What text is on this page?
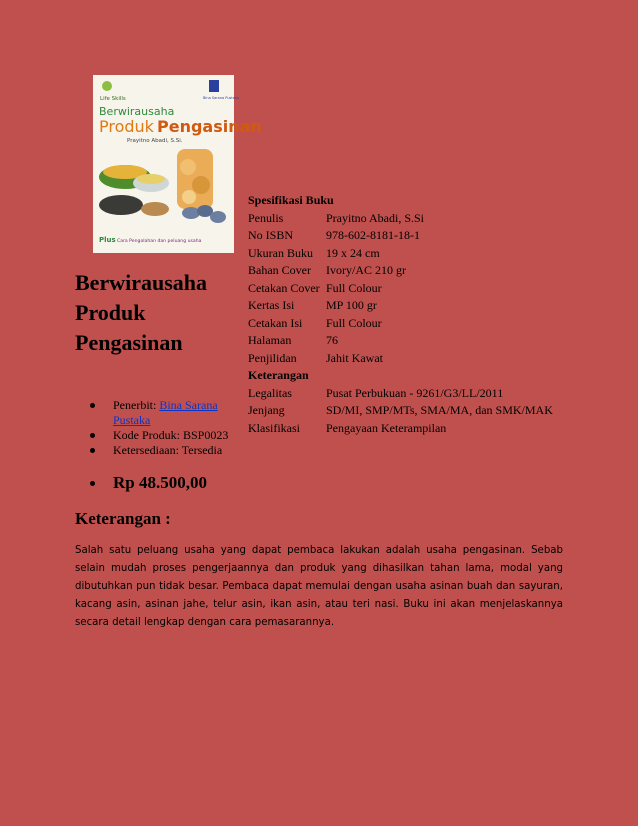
Life Skills	Bina Sarana Pustaka
Berwirausaha
Produk Pengasinan
Prayitno Abadi, S.Si.
Plus Cara Pengolahan dan peluang usaha
Berwirausaha Produk Pengasinan
Penerbit: Bina Sarana Pustaka
Kode Produk: BSP0023
Ketersediaan: Tersedia
Rp 48.500,00
Spesifikasi Buku	
Penulis	Prayitno Abadi, S.Si
No ISBN	978-602-8181-18-1
Ukuran Buku	19 x 24 cm
Bahan Cover	Ivory/AC 210 gr
Cetakan Cover	Full Colour
Kertas Isi	MP 100 gr
Cetakan Isi	Full Colour
Halaman	76
Penjilidan	Jahit Kawat
Keterangan	
Legalitas	Pusat Perbukuan - 9261/G3/LL/2011
Jenjang	SD/MI, SMP/MTs, SMA/MA, dan SMK/MAK
Klasifikasi	Pengayaan Keterampilan
Keterangan :

Salah satu peluang usaha yang dapat pembaca lakukan adalah usaha pengasinan. Sebab selain mudah proses pengerjaannya dan produk yang dihasilkan tahan lama, modal yang dibutuhkan pun tidak besar. Pembaca dapat memulai dengan usaha asinan buah dan sayuran, kacang asin, asinan jahe, telur asin, ikan asin, atau teri nasi. Buku ini akan menjelaskannya secara detail lengkap dengan cara pemasarannya.
